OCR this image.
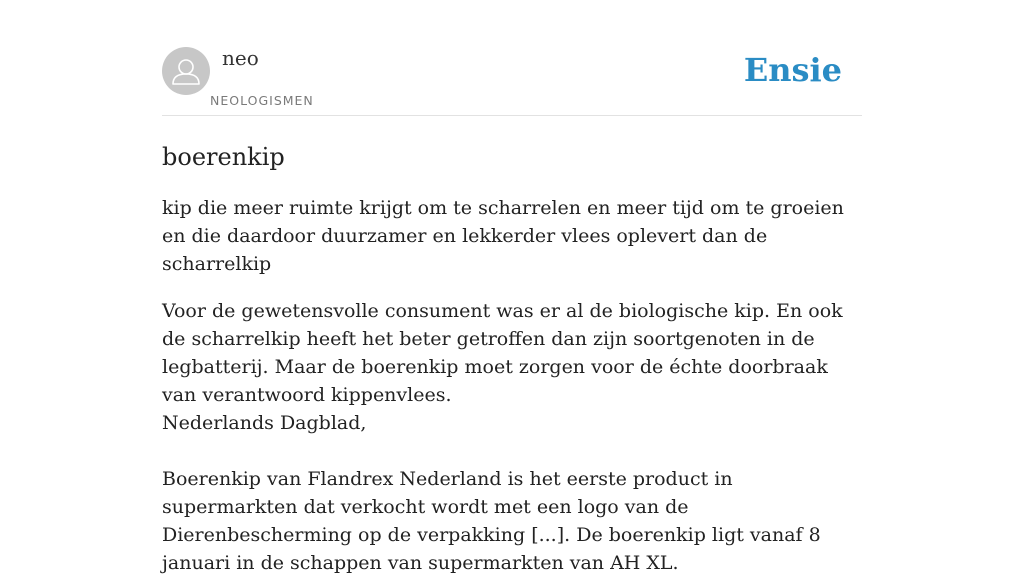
neo
NEOLOGISMEN
Ensie
boerenkip

kip die meer ruimte krijgt om te scharrelen en meer tijd om te groeien en die daardoor duurzamer en lekkerder vlees oplevert dan de scharrelkip

Voor de gewetensvolle consument was er al de biologische kip. En ook de scharrelkip heeft het beter getroffen dan zijn soortgenoten in de legbatterij. Maar de boerenkip moet zorgen voor de échte doorbraak van verantwoord kippenvlees.

Nederlands Dagblad,

Boerenkip van Flandrex Nederland is het eerste product in supermarkten dat verkocht wordt met een logo van de Dierenbescherming op de verpakking [...]. De boerenkip ligt vanaf 8 januari in de schappen van supermarkten van AH XL.
